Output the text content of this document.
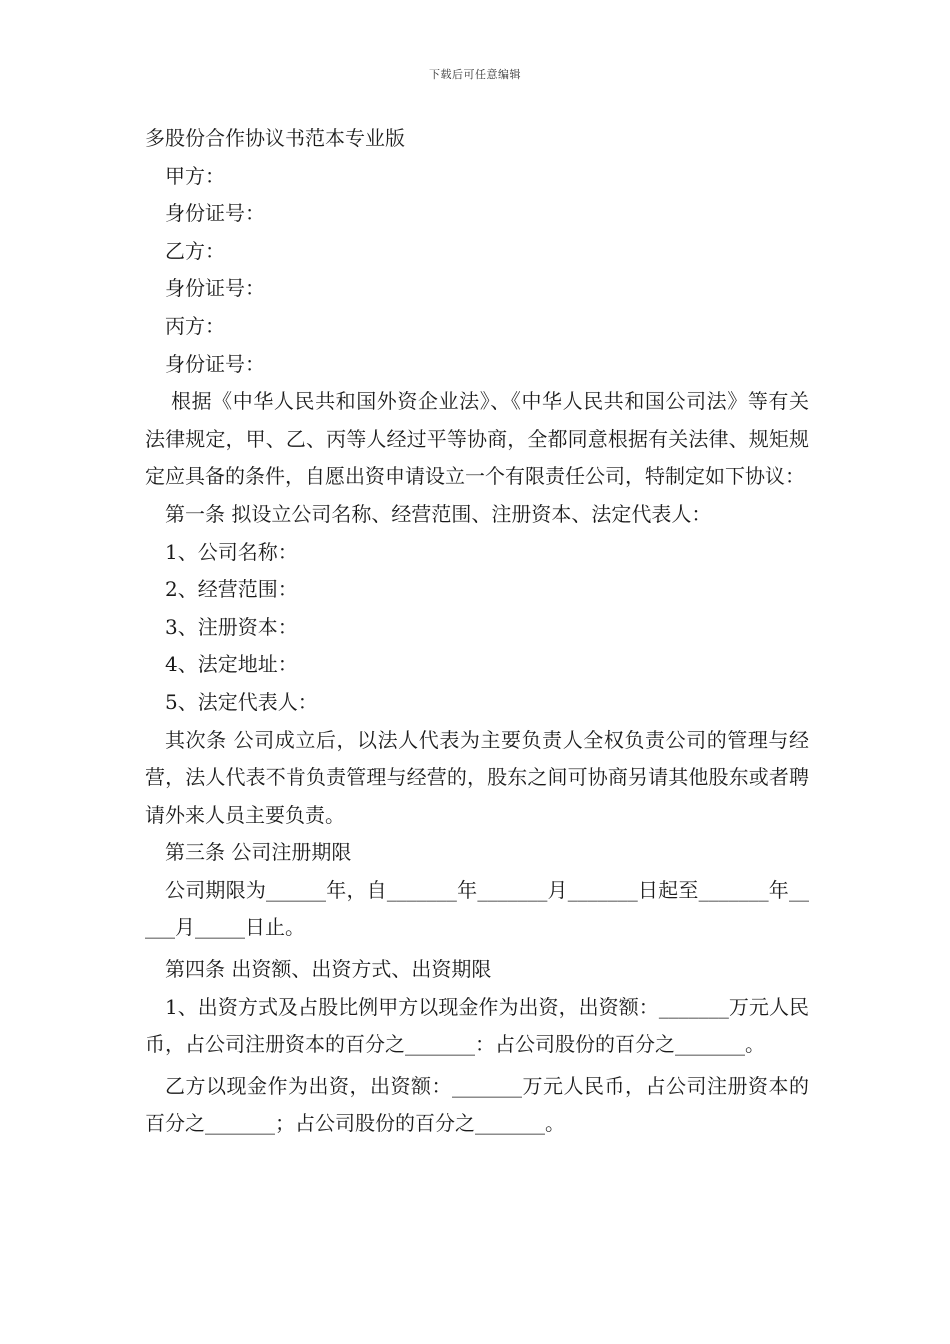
下载后可任意编辑
多股份合作协议书范本专业版
甲方：
身份证号：
乙方：
身份证号：
丙方：
身份证号：

根据《中华人民共和国外资企业法》、《中华人民共和国公司法》等有关法律规定，甲、乙、丙等人经过平等协商，全都同意根据有关法律、规矩规定应具备的条件，自愿出资申请设立一个有限责任公司，特制定如下协议：

第一条 拟设立公司名称、经营范围、注册资本、法定代表人：
1、公司名称：
2、经营范围：
3、注册资本：
4、法定地址：
5、法定代表人：

其次条 公司成立后，以法人代表为主要负责人全权负责公司的管理与经营，法人代表不肯负责管理与经营的，股东之间可协商另请其他股东或者聘请外来人员主要负责。

第三条 公司注册期限

公司期限为______年，自_______年_______月_______日起至_______年_____月_____日止。

第四条 出资额、出资方式、出资期限

1、出资方式及占股比例甲方以现金作为出资，出资额：_______万元人民币，占公司注册资本的百分之_______：占公司股份的百分之_______。

乙方以现金作为出资，出资额：_______万元人民币，占公司注册资本的百分之_______；占公司股份的百分之_______。
